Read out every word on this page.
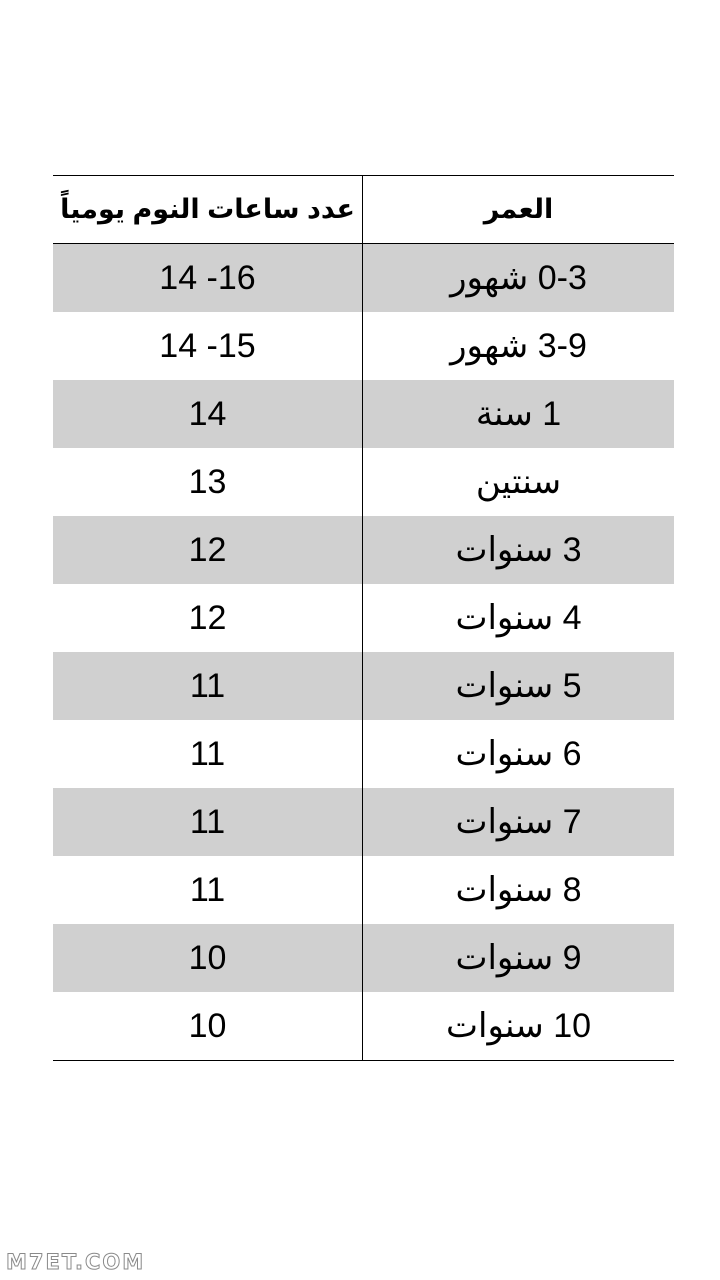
عدد ساعات النوم يومياً	العمر
14 -16	0-3 شهور
14 -15	3-9 شهور
14	1 سنة
13	سنتين
12	3 سنوات
12	4 سنوات
11	5 سنوات
11	6 سنوات
11	7 سنوات
11	8 سنوات
10	9 سنوات
10	10 سنوات
M7ET.COM
